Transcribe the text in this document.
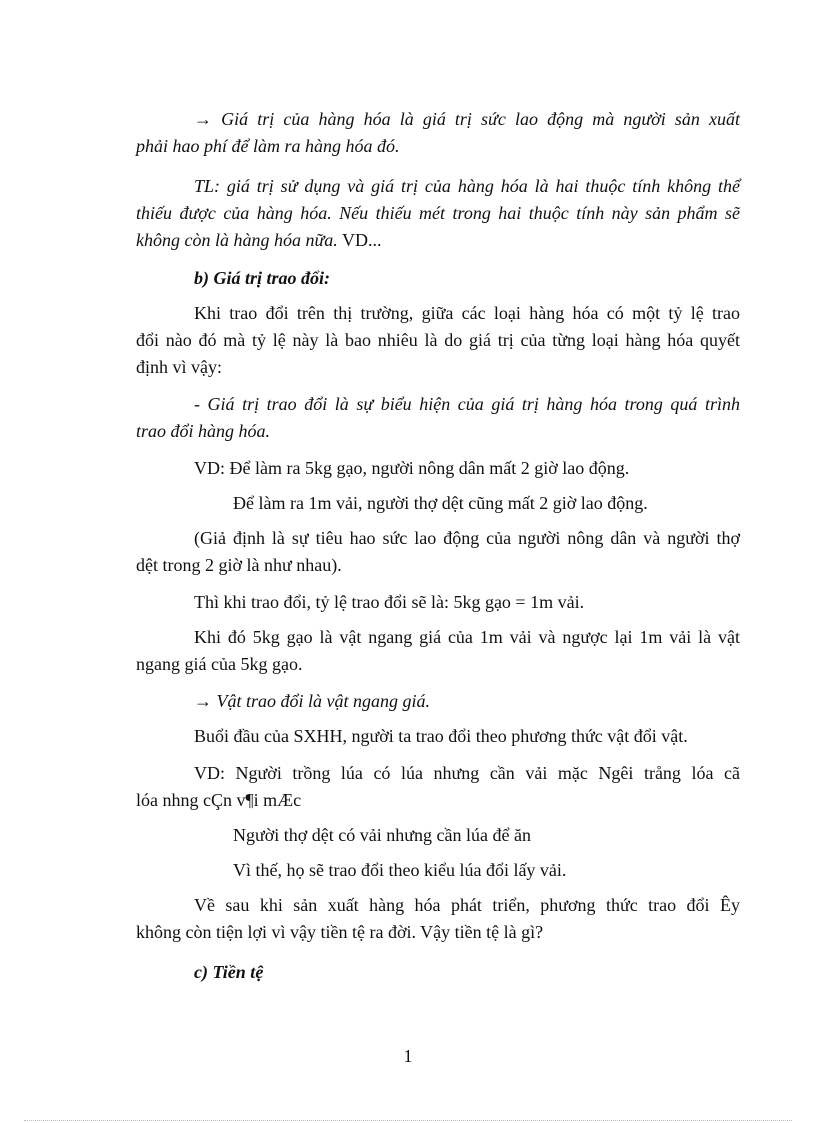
→ Giá trị của hàng hóa là giá trị sức lao động mà người sản xuất

phải hao phí để làm ra hàng hóa đó.

TL: giá trị sử dụng và giá trị của hàng hóa là hai thuộc tính không thể

thiếu được của hàng hóa. Nếu thiếu mét trong hai thuộc tính này sản phẩm sẽ

không còn là hàng hóa nữa. VD...

b) Giá trị trao đổi:

Khi trao đổi trên thị trường, giữa các loại hàng hóa có một tỷ lệ trao

đổi nào đó mà tỷ lệ này là bao nhiêu là do giá trị của từng loại hàng hóa quyết

định vì vậy:

- Giá trị trao đổi là sự biểu hiện của giá trị hàng hóa trong quá trình

trao đổi hàng hóa.

VD: Để làm ra 5kg gạo, người nông dân mất 2 giờ lao động.

Để làm ra 1m vải, người thợ dệt cũng mất 2 giờ lao động.

(Giả định là sự tiêu hao sức lao động của người nông dân và người thợ

dệt trong 2 giờ là như nhau).

Thì khi trao đổi, tỷ lệ trao đổi sẽ là: 5kg gạo = 1m vải.

Khi đó 5kg gạo là vật ngang giá của 1m vải và ngược lại 1m vải là vật

ngang giá của 5kg gạo.

→ Vật trao đổi là vật ngang giá.

Buổi đầu của SXHH, người ta trao đổi theo phương thức vật đổi vật.

VD: Người trồng lúa có lúa nhưng cần vải mặc Ngêi trång lóa cã

lóa nhng cÇn v¶i mÆc

Người thợ dệt có vải nhưng cần lúa để ăn

Vì thế, họ sẽ trao đổi theo kiểu lúa đổi lấy vải.

Về sau khi sản xuất hàng hóa phát triển, phương thức trao đổi Êy

không còn tiện lợi vì vậy tiền tệ ra đời. Vậy tiền tệ là gì?

c) Tiền tệ

1
